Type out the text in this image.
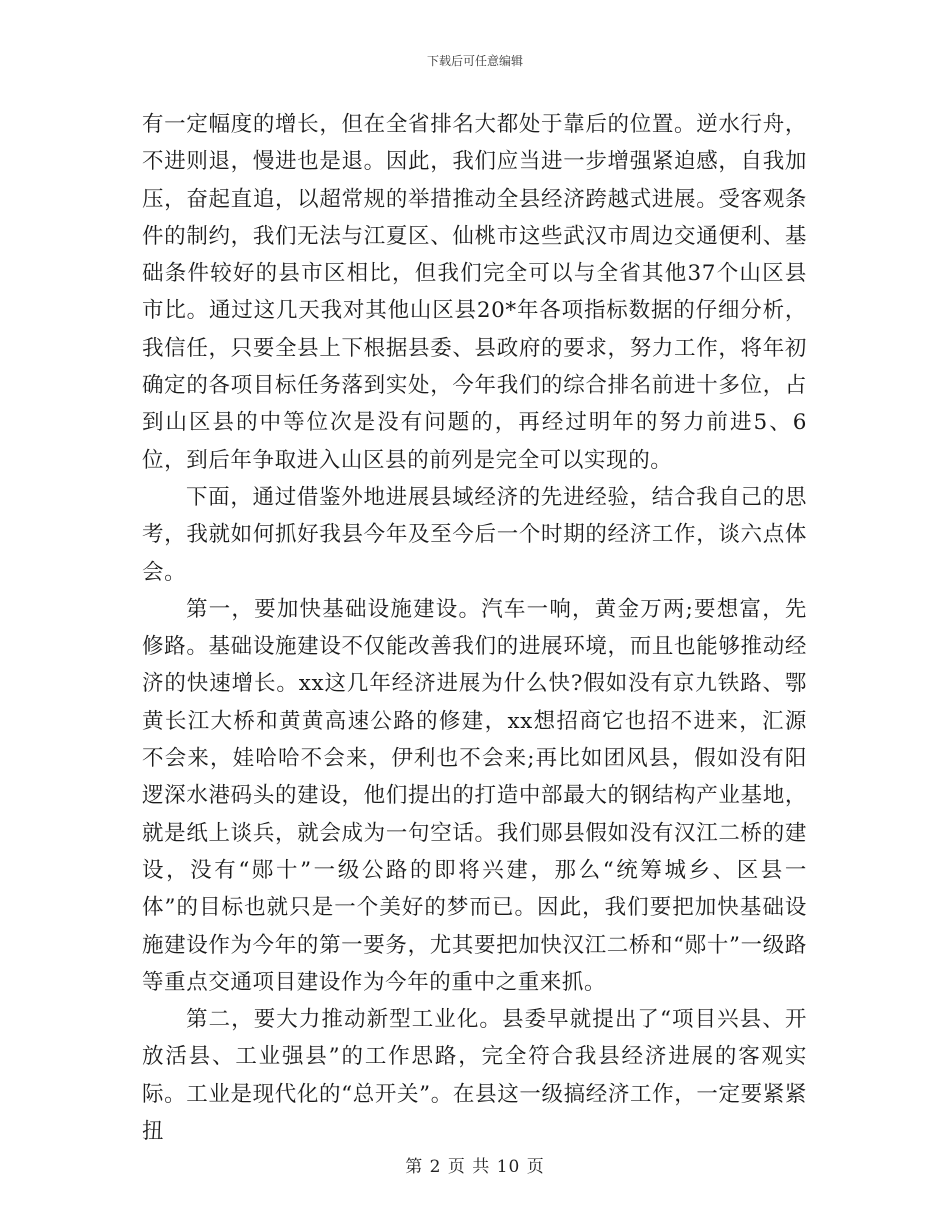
下载后可任意编辑

有一定幅度的增长，但在全省排名大都处于靠后的位置。逆水行舟，不进则退，慢进也是退。因此，我们应当进一步增强紧迫感，自我加压，奋起直追，以超常规的举措推动全县经济跨越式进展。受客观条件的制约，我们无法与江夏区、仙桃市这些武汉市周边交通便利、基础条件较好的县市区相比，但我们完全可以与全省其他37个山区县市比。通过这几天我对其他山区县20*年各项指标数据的仔细分析，我信任，只要全县上下根据县委、县政府的要求，努力工作，将年初确定的各项目标任务落到实处，今年我们的综合排名前进十多位，占到山区县的中等位次是没有问题的，再经过明年的努力前进5、6位，到后年争取进入山区县的前列是完全可以实现的。

下面，通过借鉴外地进展县域经济的先进经验，结合我自己的思考，我就如何抓好我县今年及至今后一个时期的经济工作，谈六点体会。

第一，要加快基础设施建设。汽车一响，黄金万两;要想富，先修路。基础设施建设不仅能改善我们的进展环境，而且也能够推动经济的快速增长。xx这几年经济进展为什么快?假如没有京九铁路、鄂黄长江大桥和黄黄高速公路的修建，xx想招商它也招不进来，汇源不会来，娃哈哈不会来，伊利也不会来;再比如团风县，假如没有阳逻深水港码头的建设，他们提出的打造中部最大的钢结构产业基地，就是纸上谈兵，就会成为一句空话。我们郧县假如没有汉江二桥的建设，没有“郧十”一级公路的即将兴建，那么“统筹城乡、区县一体”的目标也就只是一个美好的梦而已。因此，我们要把加快基础设施建设作为今年的第一要务，尤其要把加快汉江二桥和“郧十”一级路等重点交通项目建设作为今年的重中之重来抓。

第二，要大力推动新型工业化。县委早就提出了“项目兴县、开放活县、工业强县”的工作思路，完全符合我县经济进展的客观实际。工业是现代化的“总开关”。在县这一级搞经济工作，一定要紧紧扭

第 2 页 共 10 页
